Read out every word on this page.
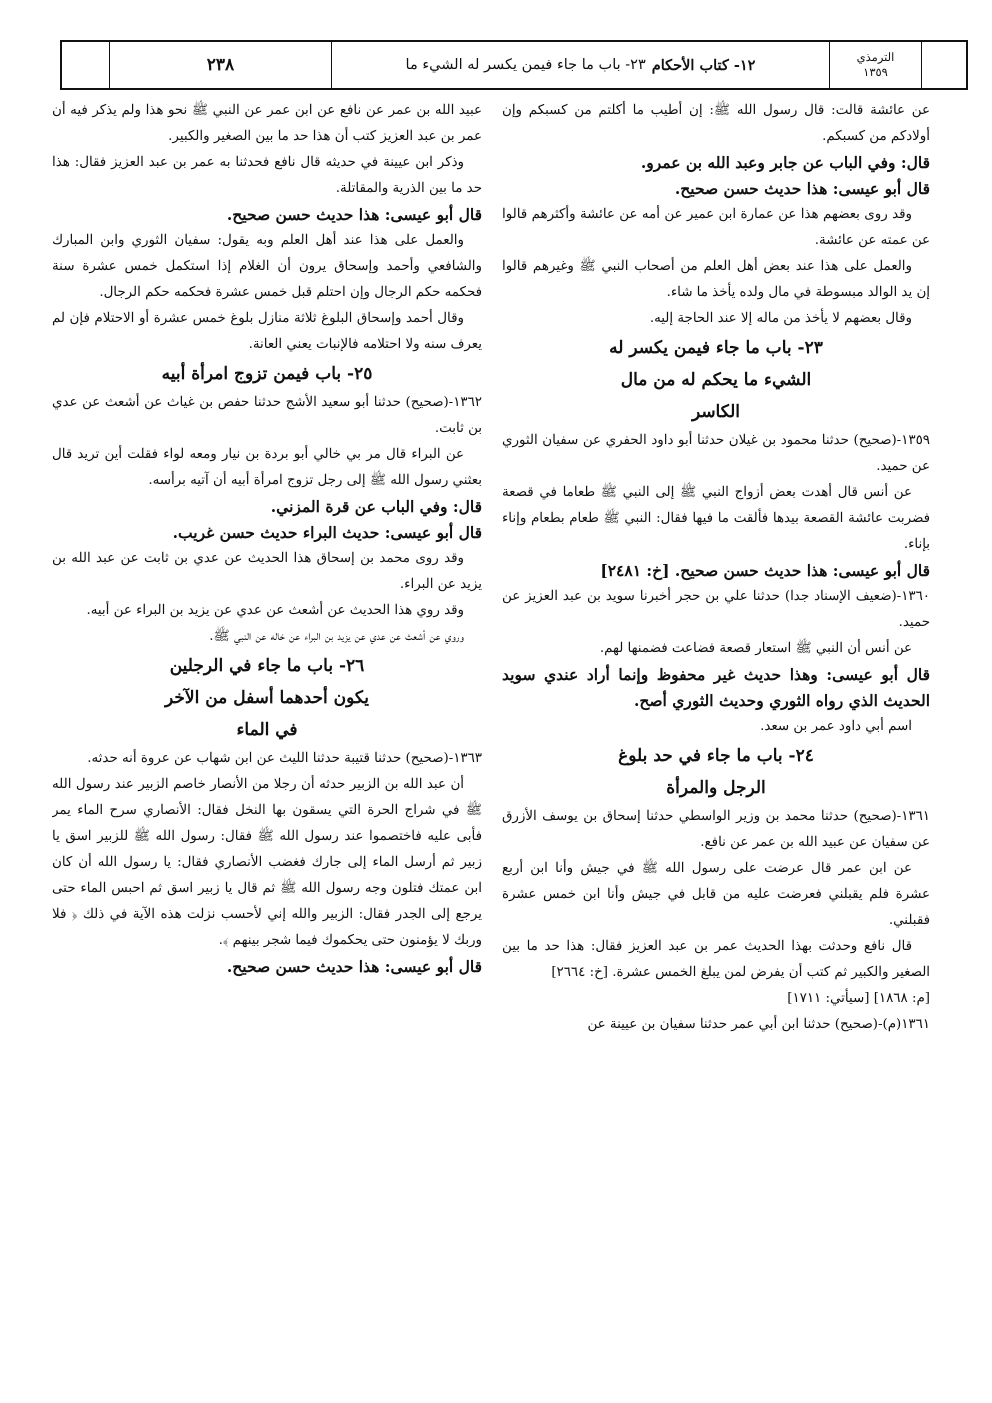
٢٣٨	١٢- كتاب الأحكام
٢٣- باب ما جاء فيمن يكسر له الشيء ما	الترمذي
١٣٥٩

عن عائشة قالت: قال رسول الله ﷺ: إن أطيب ما أكلتم من كسبكم وإن أولادكم من كسبكم.

قال: وفي الباب عن جابر وعبد الله بن عمرو.

قال أبو عيسى: هذا حديث حسن صحيح.

وقد روى بعضهم هذا عن عمارة ابن عمير عن أمه عن عائشة وأكثرهم قالوا عن عمته عن عائشة.

والعمل على هذا عند بعض أهل العلم من أصحاب النبي ﷺ وغيرهم قالوا إن يد الوالد مبسوطة في مال ولده يأخذ ما شاء.

وقال بعضهم لا يأخذ من ماله إلا عند الحاجة إليه.

٢٣- باب ما جاء فيمن يكسر له
الشيء ما يحكم له من مال
الكاسر

١٣٥٩-(صحيح) حدثنا محمود بن غيلان حدثنا أبو داود الحفري عن سفيان الثوري عن حميد.

عن أنس قال أهدت بعض أزواج النبي ﷺ إلى النبي ﷺ طعاما في قصعة فضربت عائشة القصعة بيدها فألقت ما فيها فقال: النبي ﷺ طعام بطعام وإناء بإناء.

قال أبو عيسى: هذا حديث حسن صحيح. [خ: ٢٤٨١]

١٣٦٠-(ضعيف الإسناد جدا) حدثنا علي بن حجر أخبرنا سويد بن عبد العزيز عن حميد.

عن أنس أن النبي ﷺ استعار قصعة فضاعت فضمنها لهم.

قال أبو عيسى: وهذا حديث غير محفوظ وإنما أراد عندي سويد الحديث الذي رواه الثوري وحديث الثوري أصح.

اسم أبي داود عمر بن سعد.

٢٤- باب ما جاء في حد بلوغ
الرجل والمرأة

١٣٦١-(صحيح) حدثنا محمد بن وزير الواسطي حدثنا إسحاق بن يوسف الأزرق عن سفيان عن عبيد الله بن عمر عن نافع.

عن ابن عمر قال عرضت على رسول الله ﷺ في جيش وأنا ابن أربع عشرة فلم يقبلني فعرضت عليه من قابل في جيش وأنا ابن خمس عشرة فقبلني.

قال نافع وحدثت بهذا الحديث عمر بن عبد العزيز فقال: هذا حد ما بين الصغير والكبير ثم كتب أن يفرض لمن يبلغ الخمس عشرة. [خ: ٢٦٦٤]

[م: ١٨٦٨] [سيأتي: ١٧١١]

١٣٦١(م)-(صحيح) حدثنا ابن أبي عمر حدثنا سفيان بن عيينة عن

عبيد الله بن عمر عن نافع عن ابن عمر عن النبي ﷺ نحو هذا ولم يذكر فيه أن عمر بن عبد العزيز كتب أن هذا حد ما بين الصغير والكبير.

وذكر ابن عيينة في حديثه قال نافع فحدثنا به عمر بن عبد العزيز فقال: هذا حد ما بين الذرية والمقاتلة.

قال أبو عيسى: هذا حديث حسن صحيح.

والعمل على هذا عند أهل العلم وبه يقول: سفيان الثوري وابن المبارك والشافعي وأحمد وإسحاق يرون أن الغلام إذا استكمل خمس عشرة سنة فحكمه حكم الرجال وإن احتلم قبل خمس عشرة فحكمه حكم الرجال.

وقال أحمد وإسحاق البلوغ ثلاثة منازل بلوغ خمس عشرة أو الاحتلام فإن لم يعرف سنه ولا احتلامه فالإنبات يعني العانة.

٢٥- باب فيمن تزوج امرأة أبيه

١٣٦٢-(صحيح) حدثنا أبو سعيد الأشج حدثنا حفص بن غياث عن أشعث عن عدي بن ثابت.

عن البراء قال مر بي خالي أبو بردة بن نيار ومعه لواء فقلت أين تريد قال بعثني رسول الله ﷺ إلى رجل تزوج امرأة أبيه أن آتيه برأسه.

قال: وفي الباب عن قرة المزني.

قال أبو عيسى: حديث البراء حديث حسن غريب.

وقد روى محمد بن إسحاق هذا الحديث عن عدي بن ثابت عن عبد الله بن يزيد عن البراء.

وقد روي هذا الحديث عن أشعث عن عدي عن يزيد بن البراء عن أبيه.

وروي عن أشعث عن عدي عن يزيد بن البراء عن خاله عن النبي ﷺ.

٢٦- باب ما جاء في الرجلين
يكون أحدهما أسفل من الآخر
في الماء

١٣٦٣-(صحيح) حدثنا قتيبة حدثنا الليث عن ابن شهاب عن عروة أنه حدثه.

أن عبد الله بن الزبير حدثه أن رجلا من الأنصار خاصم الزبير عند رسول الله ﷺ في شراج الحرة التي يسقون بها النخل فقال: الأنصاري سرح الماء يمر فأبى عليه فاختصموا عند رسول الله ﷺ فقال: رسول الله ﷺ للزبير اسق يا زبير ثم أرسل الماء إلى جارك فغضب الأنصاري فقال: يا رسول الله أن كان ابن عمتك فتلون وجه رسول الله ﷺ ثم قال يا زبير اسق ثم احبس الماء حتى يرجع إلى الجدر فقال: الزبير والله إني لأحسب نزلت هذه الآية في ذلك ﴿ فلا وربك لا يؤمنون حتى يحكموك فيما شجر بينهم ﴾.

قال أبو عيسى: هذا حديث حسن صحيح.
